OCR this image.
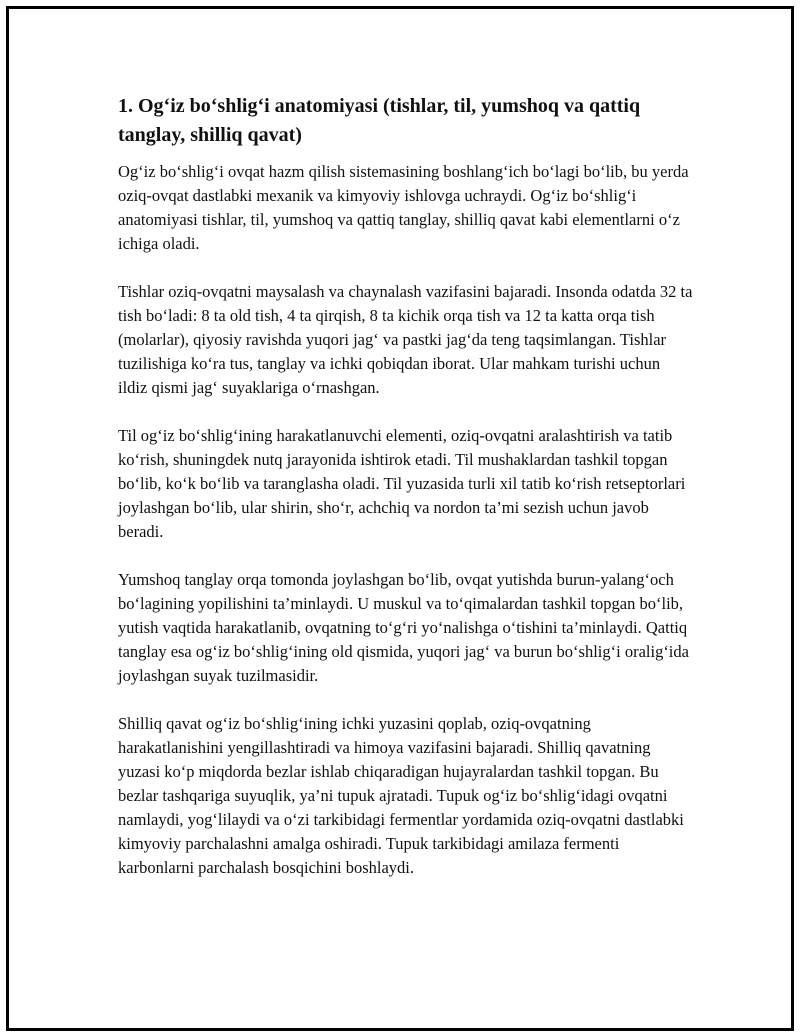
1. Og‘iz bo‘shlig‘i anatomiyasi (tishlar, til, yumshoq va qattiq tanglay, shilliq qavat)

Og‘iz bo‘shlig‘i ovqat hazm qilish sistemasining boshlang‘ich bo‘lagi bo‘lib, bu yerda oziq-ovqat dastlabki mexanik va kimyoviy ishlovga uchraydi. Og‘iz bo‘shlig‘i anatomiyasi tishlar, til, yumshoq va qattiq tanglay, shilliq qavat kabi elementlarni o‘z ichiga oladi.

Tishlar oziq-ovqatni maysalash va chaynalash vazifasini bajaradi. Insonda odatda 32 ta tish bo‘ladi: 8 ta old tish, 4 ta qirqish, 8 ta kichik orqa tish va 12 ta katta orqa tish (molarlar), qiyosiy ravishda yuqori jag‘ va pastki jag‘da teng taqsimlangan. Tishlar tuzilishiga ko‘ra tus, tanglay va ichki qobiqdan iborat. Ular mahkam turishi uchun ildiz qismi jag‘ suyaklariga o‘rnashgan.

Til og‘iz bo‘shlig‘ining harakatlanuvchi elementi, oziq-ovqatni aralashtirish va tatib ko‘rish, shuningdek nutq jarayonida ishtirok etadi. Til mushaklardan tashkil topgan bo‘lib, ko‘k bo‘lib va taranglasha oladi. Til yuzasida turli xil tatib ko‘rish retseptorlari joylashgan bo‘lib, ular shirin, sho‘r, achchiq va nordon ta’mi sezish uchun javob beradi.

Yumshoq tanglay orqa tomonda joylashgan bo‘lib, ovqat yutishda burun-yalang‘och bo‘lagining yopilishini ta’minlaydi. U muskul va to‘qimalardan tashkil topgan bo‘lib, yutish vaqtida harakatlanib, ovqatning to‘g‘ri yo‘nalishga o‘tishini ta’minlaydi. Qattiq tanglay esa og‘iz bo‘shlig‘ining old qismida, yuqori jag‘ va burun bo‘shlig‘i oralig‘ida joylashgan suyak tuzilmasidir.

Shilliq qavat og‘iz bo‘shlig‘ining ichki yuzasini qoplab, oziq-ovqatning harakatlanishini yengillashtiradi va himoya vazifasini bajaradi. Shilliq qavatning yuzasi ko‘p miqdorda bezlar ishlab chiqaradigan hujayralardan tashkil topgan. Bu bezlar tashqariga suyuqlik, ya’ni tupuk ajratadi. Tupuk og‘iz bo‘shlig‘idagi ovqatni namlaydi, yog‘lilaydi va o‘zi tarkibidagi fermentlar yordamida oziq-ovqatni dastlabki kimyoviy parchalashni amalga oshiradi. Tupuk tarkibidagi amilaza fermenti karbonlarni parchalash bosqichini boshlaydi.
